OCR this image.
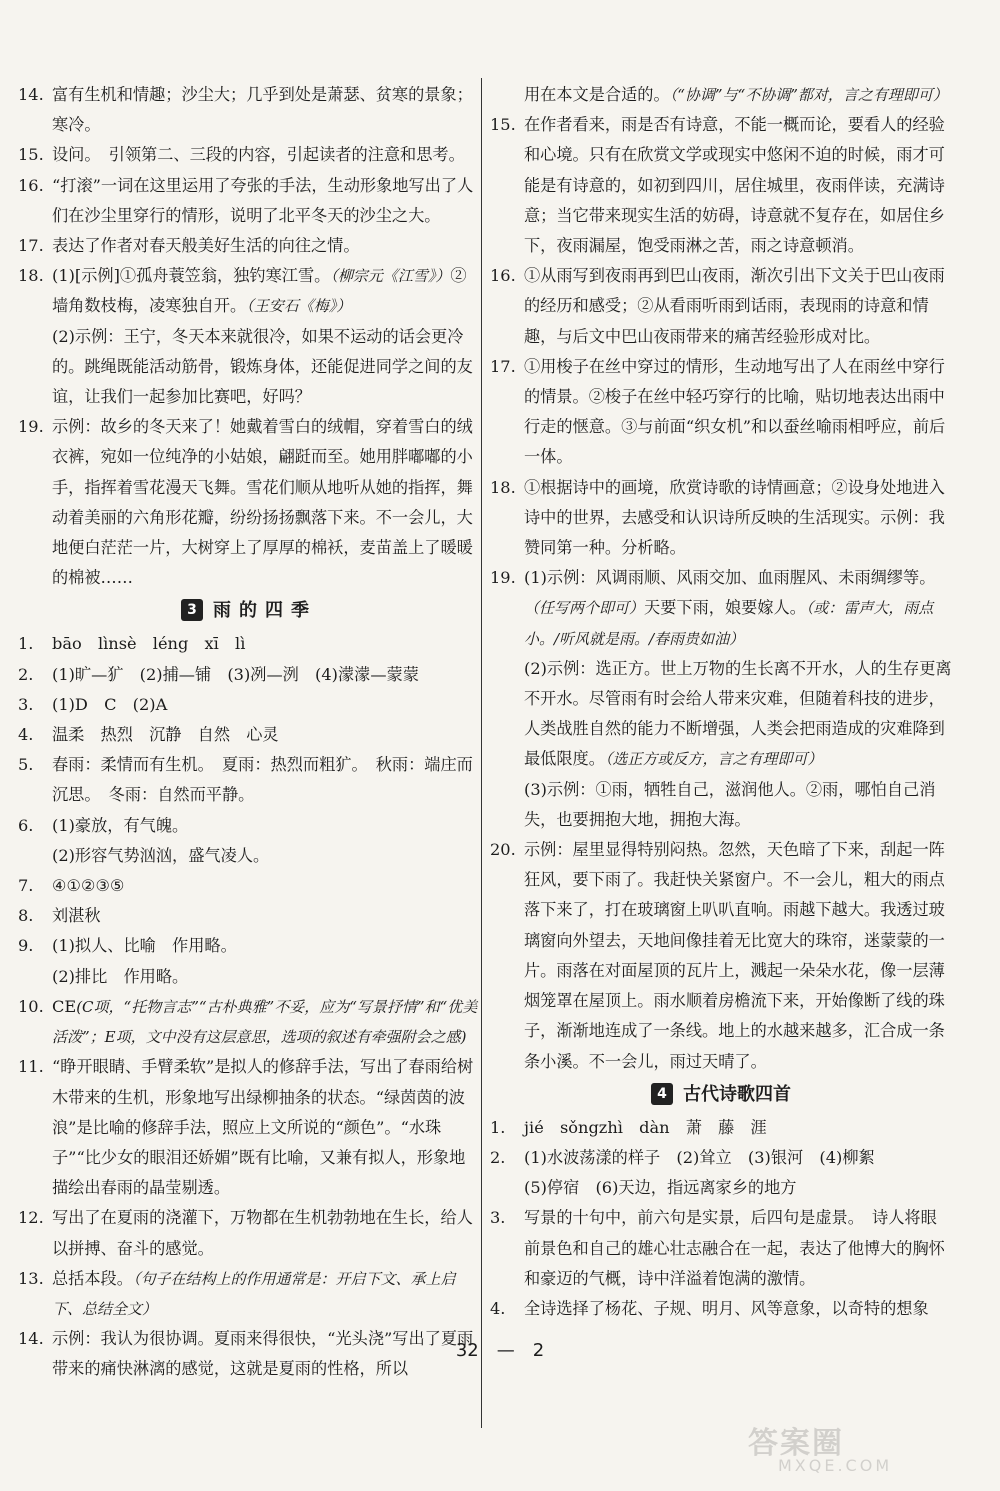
14. 富有生机和情趣；沙尘大；几乎到处是萧瑟、贫寒的景象；寒冷。
15. 设问。　引领第二、三段的内容，引起读者的注意和思考。
16. “打滚”一词在这里运用了夸张的手法，生动形象地写出了人们在沙尘里穿行的情形，说明了北平冬天的沙尘之大。
17. 表达了作者对春天般美好生活的向往之情。
18. (1)[示例]①孤舟蓑笠翁，独钓寒江雪。（柳宗元《江雪》）②墙角数枝梅，凌寒独自开。（王安石《梅》）
(2)示例：王宁，冬天本来就很冷，如果不运动的话会更冷的。跳绳既能活动筋骨，锻炼身体，还能促进同学之间的友谊，让我们一起参加比赛吧，好吗？
19. 示例：故乡的冬天来了！她戴着雪白的绒帽，穿着雪白的绒衣裤，宛如一位纯净的小姑娘，翩跹而至。她用胖嘟嘟的小手，指挥着雪花漫天飞舞。雪花们顺从地听从她的指挥，舞动着美丽的六角形花瓣，纷纷扬扬飘落下来。不一会儿，大地便白茫茫一片，大树穿上了厚厚的棉袄，麦苗盖上了暖暖的棉被……
3 雨的四季
1. bāo　lìnsè　léng　xī　lì
2. (1)旷—犷　(2)捕—铺　(3)冽—洌　(4)濛濛—蒙蒙
3. (1)D　C　(2)A
4. 温柔　热烈　沉静　自然　心灵
5. 春雨：柔情而有生机。　夏雨：热烈而粗犷。　秋雨：端庄而沉思。　冬雨：自然而平静。
6. (1)豪放，有气魄。
(2)形容气势汹汹，盛气凌人。
7. ④①②③⑤
8. 刘湛秋
9. (1)拟人、比喻　作用略。
(2)排比　作用略。
10. CE(C项，“托物言志”“古朴典雅”不妥，应为“写景抒情”和“优美活泼”；E项，文中没有这层意思，选项的叙述有牵强附会之感)
11. “睁开眼睛、手臂柔软”是拟人的修辞手法，写出了春雨给树木带来的生机，形象地写出绿柳抽条的状态。“绿茵茵的波浪”是比喻的修辞手法，照应上文所说的“颜色”。“水珠子”“比少女的眼泪还娇媚”既有比喻，又兼有拟人，形象地描绘出春雨的晶莹剔透。
12. 写出了在夏雨的浇灌下，万物都在生机勃勃地在生长，给人以拼搏、奋斗的感觉。
13. 总括本段。（句子在结构上的作用通常是：开启下文、承上启下、总结全文）
14. 示例：我认为很协调。夏雨来得很快，“光头浇”写出了夏雨带来的痛快淋漓的感觉，这就是夏雨的性格，所以
用在本文是合适的。（“协调”与“不协调”都对，言之有理即可）
15. 在作者看来，雨是否有诗意，不能一概而论，要看人的经验和心境。只有在欣赏文学或现实中悠闲不迫的时候，雨才可能是有诗意的，如初到四川，居住城里，夜雨伴读，充满诗意；当它带来现实生活的妨碍，诗意就不复存在，如居住乡下，夜雨漏屋，饱受雨淋之苦，雨之诗意顿消。
16. ①从雨写到夜雨再到巴山夜雨，渐次引出下文关于巴山夜雨的经历和感受；②从看雨听雨到话雨，表现雨的诗意和情趣，与后文中巴山夜雨带来的痛苦经验形成对比。
17. ①用梭子在丝中穿过的情形，生动地写出了人在雨丝中穿行的情景。②梭子在丝中轻巧穿行的比喻，贴切地表达出雨中行走的惬意。③与前面“织女机”和以蚕丝喻雨相呼应，前后一体。
18. ①根据诗中的画境，欣赏诗歌的诗情画意；②设身处地进入诗中的世界，去感受和认识诗所反映的生活现实。示例：我赞同第一种。分析略。
19. (1)示例：风调雨顺、风雨交加、血雨腥风、未雨绸缪等。（任写两个即可）天要下雨，娘要嫁人。（或：雷声大，雨点小。/听风就是雨。/春雨贵如油）
(2)示例：选正方。世上万物的生长离不开水，人的生存更离不开水。尽管雨有时会给人带来灾难，但随着科技的进步，人类战胜自然的能力不断增强，人类会把雨造成的灾难降到最低限度。（选正方或反方，言之有理即可）
(3)示例：①雨，牺牲自己，滋润他人。②雨，哪怕自己消失，也要拥抱大地，拥抱大海。
20. 示例：屋里显得特别闷热。忽然，天色暗了下来，刮起一阵狂风，要下雨了。我赶快关紧窗户。不一会儿，粗大的雨点落下来了，打在玻璃窗上叭叭直响。雨越下越大。我透过玻璃窗向外望去，天地间像挂着无比宽大的珠帘，迷蒙蒙的一片。雨落在对面屋顶的瓦片上，溅起一朵朵水花，像一层薄烟笼罩在屋顶上。雨水顺着房檐流下来，开始像断了线的珠子，渐渐地连成了一条线。地上的水越来越多，汇合成一条条小溪。不一会儿，雨过天晴了。
4 古代诗歌四首
1. jié　sǒngzhì　dàn　萧　藤　涯
2. (1)水波荡漾的样子　(2)耸立　(3)银河　(4)柳絮
(5)停宿　(6)天边，指远离家乡的地方
3. 写景的十句中，前六句是实景，后四句是虚景。　诗人将眼前景色和自己的雄心壮志融合在一起，表达了他博大的胸怀和豪迈的气概，诗中洋溢着饱满的激情。
4. 全诗选择了杨花、子规、明月、风等意象，以奇特的想象
32　—　2
答案圈
MXQE.COM
